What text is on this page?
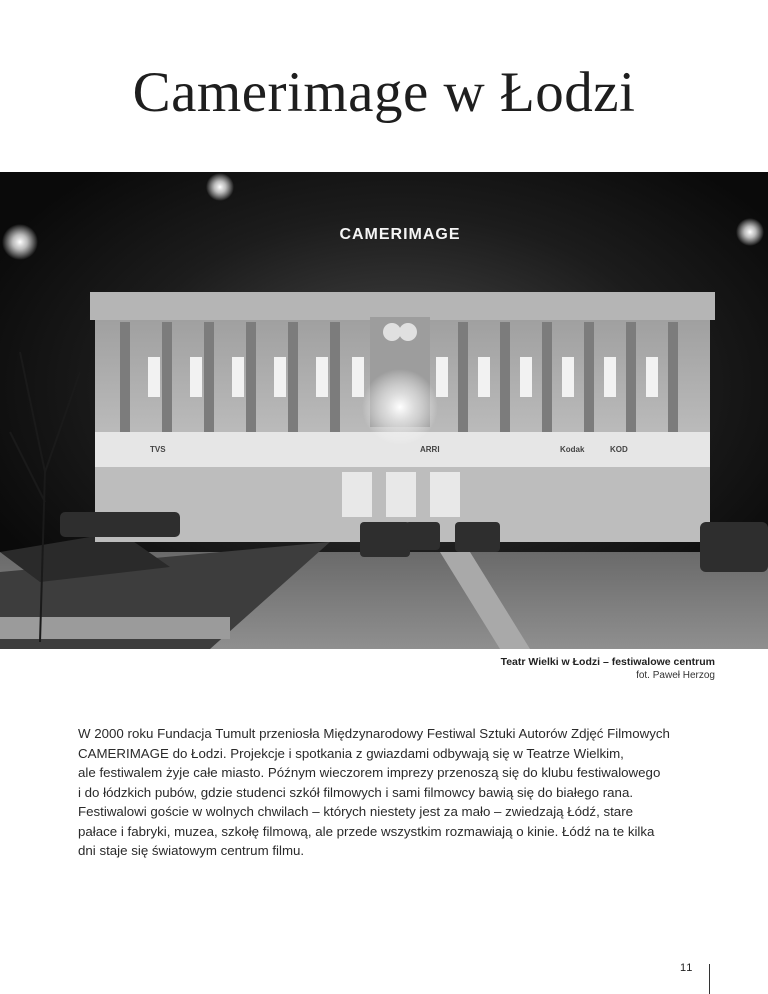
Camerimage w Łodzi
CAMERIMAGE
TVS	ARRI	Kodak	KOD
Teatr Wielki w Łodzi – festiwalowe centrum
fot. Paweł Herzog

W 2000 roku Fundacja Tumult przeniosła Międzynarodowy Festiwal Sztuki Autorów Zdjęć Filmowych
CAMERIMAGE do Łodzi. Projekcje i spotkania z gwiazdami odbywają się w Teatrze Wielkim,
ale festiwalem żyje całe miasto. Późnym wieczorem imprezy przenoszą się do klubu festiwalowego
i do łódzkich pubów, gdzie studenci szkół filmowych i sami filmowcy bawią się do białego rana.
Festiwalowi goście w wolnych chwilach – których niestety jest za mało – zwiedzają Łódź, stare
pałace i fabryki, muzea, szkołę filmową, ale przede wszystkim rozmawiają o kinie. Łódź na te kilka
dni staje się światowym centrum filmu.

11
